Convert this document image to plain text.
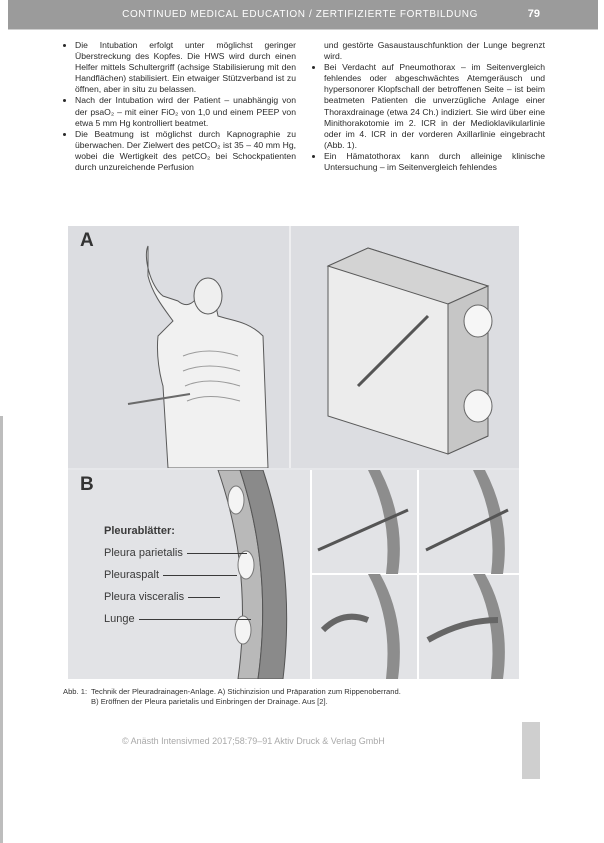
CONTINUED MEDICAL EDUCATION / ZERTIFIZIERTE FORTBILDUNG	79
• Die Intubation erfolgt unter möglichst geringer Überstreckung des Kopfes. Die HWS wird durch einen Helfer mittels Schultergriff (achsige Stabilisierung mit den Handflächen) stabilisiert. Ein etwaiger Stützverband ist zu öffnen, aber in situ zu belassen.
• Nach der Intubation wird der Patient – unabhängig von der psaO₂ – mit einer FiO₂ von 1,0 und einem PEEP von etwa 5 mm Hg kontrolliert beatmet.
• Die Beatmung ist möglichst durch Kapnographie zu überwachen. Der Zielwert des petCO₂ ist 35 – 40 mm Hg, wobei die Wertigkeit des petCO₂ bei Schockpatienten durch unzureichende Perfusion
und gestörte Gasaustauschfunktion der Lunge begrenzt wird.
• Bei Verdacht auf Pneumothorax – im Seitenvergleich fehlendes oder abgeschwächtes Atemgeräusch und hypersonorer Klopfschall der betroffenen Seite – ist beim beatmeten Patienten die unverzügliche Anlage einer Thoraxdrainage (etwa 24 Ch.) indiziert. Sie wird über eine Minithorakotomie im 2. ICR in der Medioklavikularlinie oder im 4. ICR in der vorderen Axillarlinie eingebracht (Abb. 1).
• Ein Hämatothorax kann durch alleinige klinische Untersuchung – im Seitenvergleich fehlendes
A
B
Pleurablätter:
Pleura parietalis
Pleuraspalt
Pleura visceralis
Lunge
Abb. 1: Technik der Pleuradrainagen-Anlage. A) Stichinzision und Präparation zum Rippenoberrand.
B) Eröffnen der Pleura parietalis und Einbringen der Drainage. Aus [2].
© Anästh Intensivmed 2017;58:79–91 Aktiv Druck & Verlag GmbH
